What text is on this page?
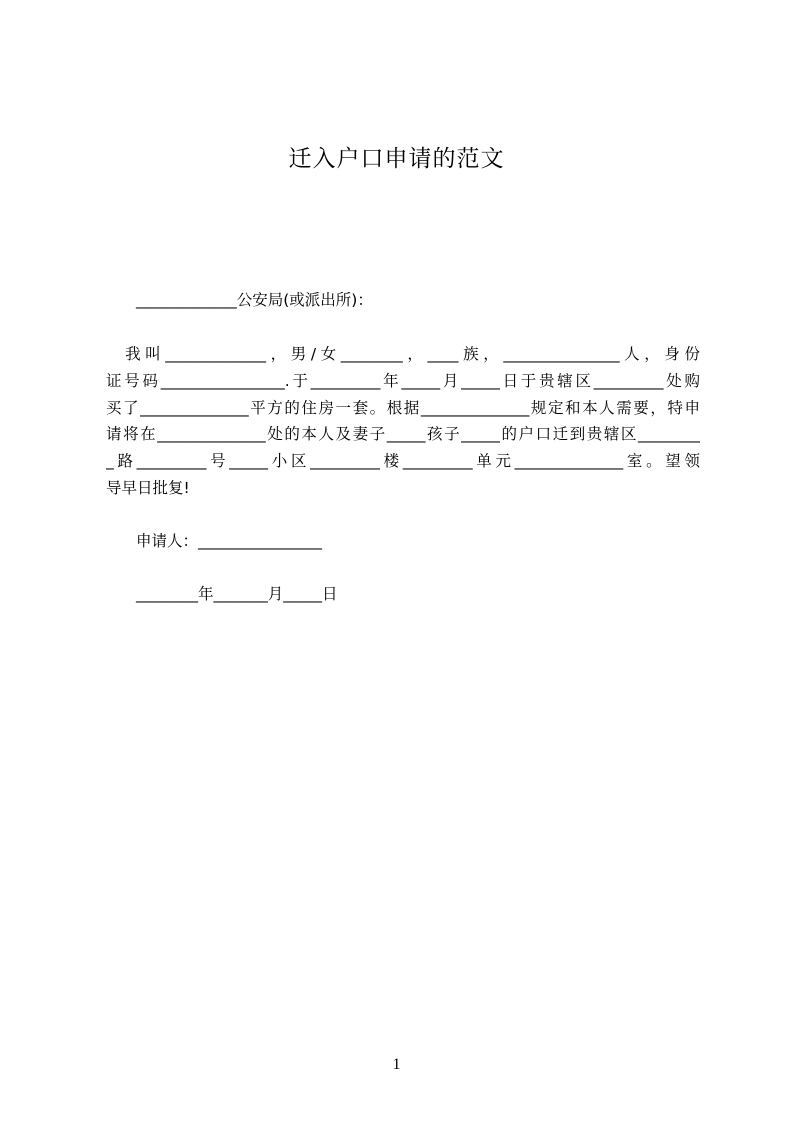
迁入户口申请的范文
_____________公安局(或派出所)：
我叫_____________，男/女________，____族，_______________人，身份
证号码________________.于_________年_____月_____日于贵辖区_________处购
买了______________平方的住房一套。根据______________规定和本人需要，特申
请将在______________处的本人及妻子_____孩子_____的户口迁到贵辖区________
_路_________号_____小区_________楼_________单元______________室。望领
导早日批复!
申请人：________________
________年_______月_____日
1
